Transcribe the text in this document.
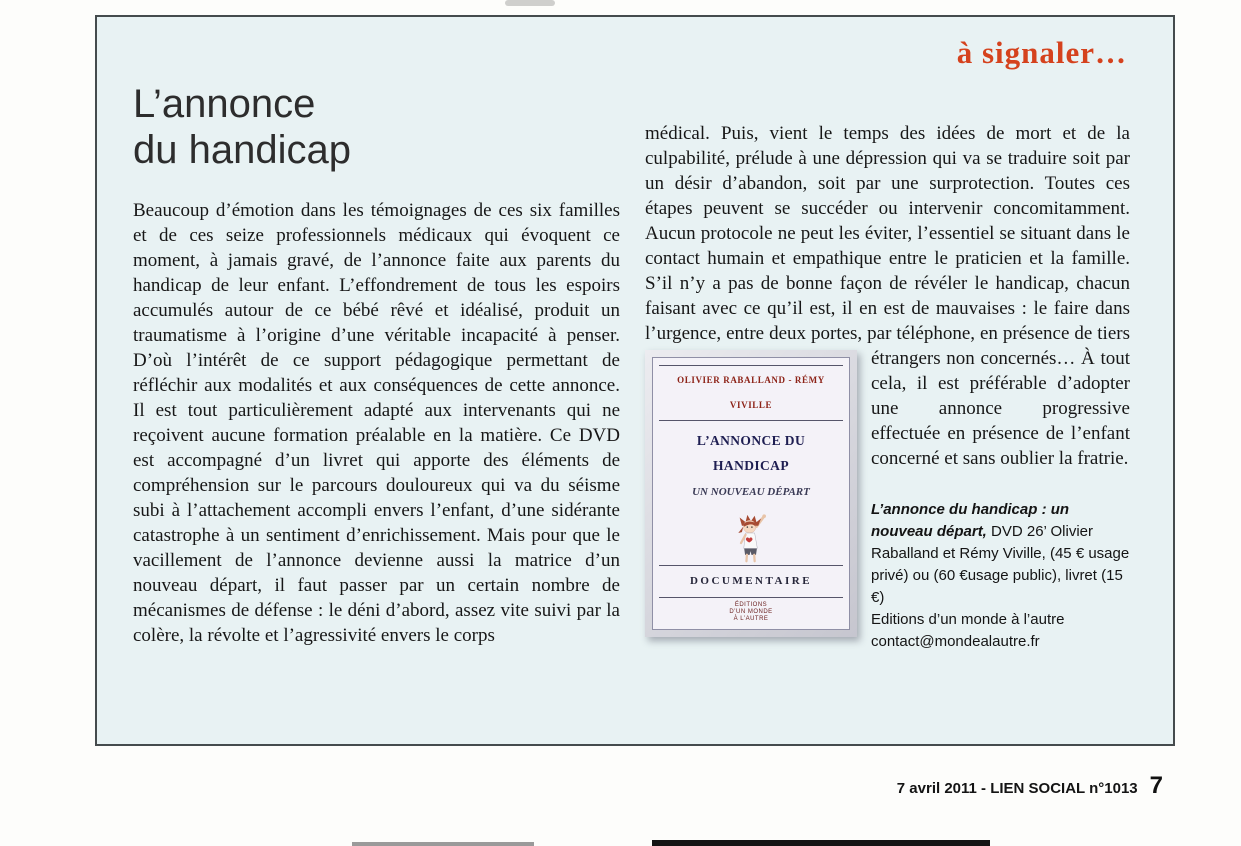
à signaler…
L’annonce
du handicap
Beaucoup d’émotion dans les témoignages de ces six familles et de ces seize professionnels médicaux qui évoquent ce moment, à jamais gravé, de l’annonce faite aux parents du handicap de leur enfant. L’effondrement de tous les espoirs accumulés autour de ce bébé rêvé et idéalisé, produit un traumatisme à l’origine d’une véritable incapacité à penser. D’où l’intérêt de ce support pédagogique permettant de réfléchir aux modalités et aux conséquences de cette annonce. Il est tout particulièrement adapté aux intervenants qui ne reçoivent aucune formation préalable en la matière. Ce DVD est accompagné d’un livret qui apporte des éléments de compréhension sur le parcours douloureux qui va du séisme subi à l’attachement accompli envers l’enfant, d’une sidérante catastrophe à un sentiment d’enrichissement. Mais pour que le vacillement de l’annonce devienne aussi la matrice d’un nouveau départ, il faut passer par un certain nombre de mécanismes de défense : le déni d’abord, assez vite suivi par la colère, la révolte et l’agressivité envers le corps
médical. Puis, vient le temps des idées de mort et de la culpabilité, prélude à une dépression qui va se traduire soit par un désir d’abandon, soit par une surprotection. Toutes ces étapes peuvent se succéder ou intervenir concomitamment. Aucun protocole ne peut les éviter, l’essentiel se situant dans le contact humain et empathique entre le praticien et la famille. S’il n’y a pas de bonne façon de révéler le handicap, chacun faisant avec ce qu’il est, il en est de mauvaises : le faire dans l’urgence, entre deux portes, par téléphone, en présence de tiers étrangers non concernés… À tout
OLIVIER RABALLAND - RÉMY VIVILLE
L’ANNONCE DU HANDICAP
UN NOUVEAU DÉPART
DOCUMENTAIRE
ÉDITIONS
D’UN MONDE
À L’AUTRE
cela, il est préférable d’adopter une annonce progressive effectuée en présence de l’enfant concerné et sans oublier la fratrie.
L’annonce du handicap : un nouveau départ, DVD 26’ Olivier Raballand et Rémy Viville, (45 € usage privé) ou (60 €usage public), livret (15 €)
Editions d’un monde à l’autre
contact@mondealautre.fr
7 avril 2011 - LIEN SOCIAL n°1013 7
